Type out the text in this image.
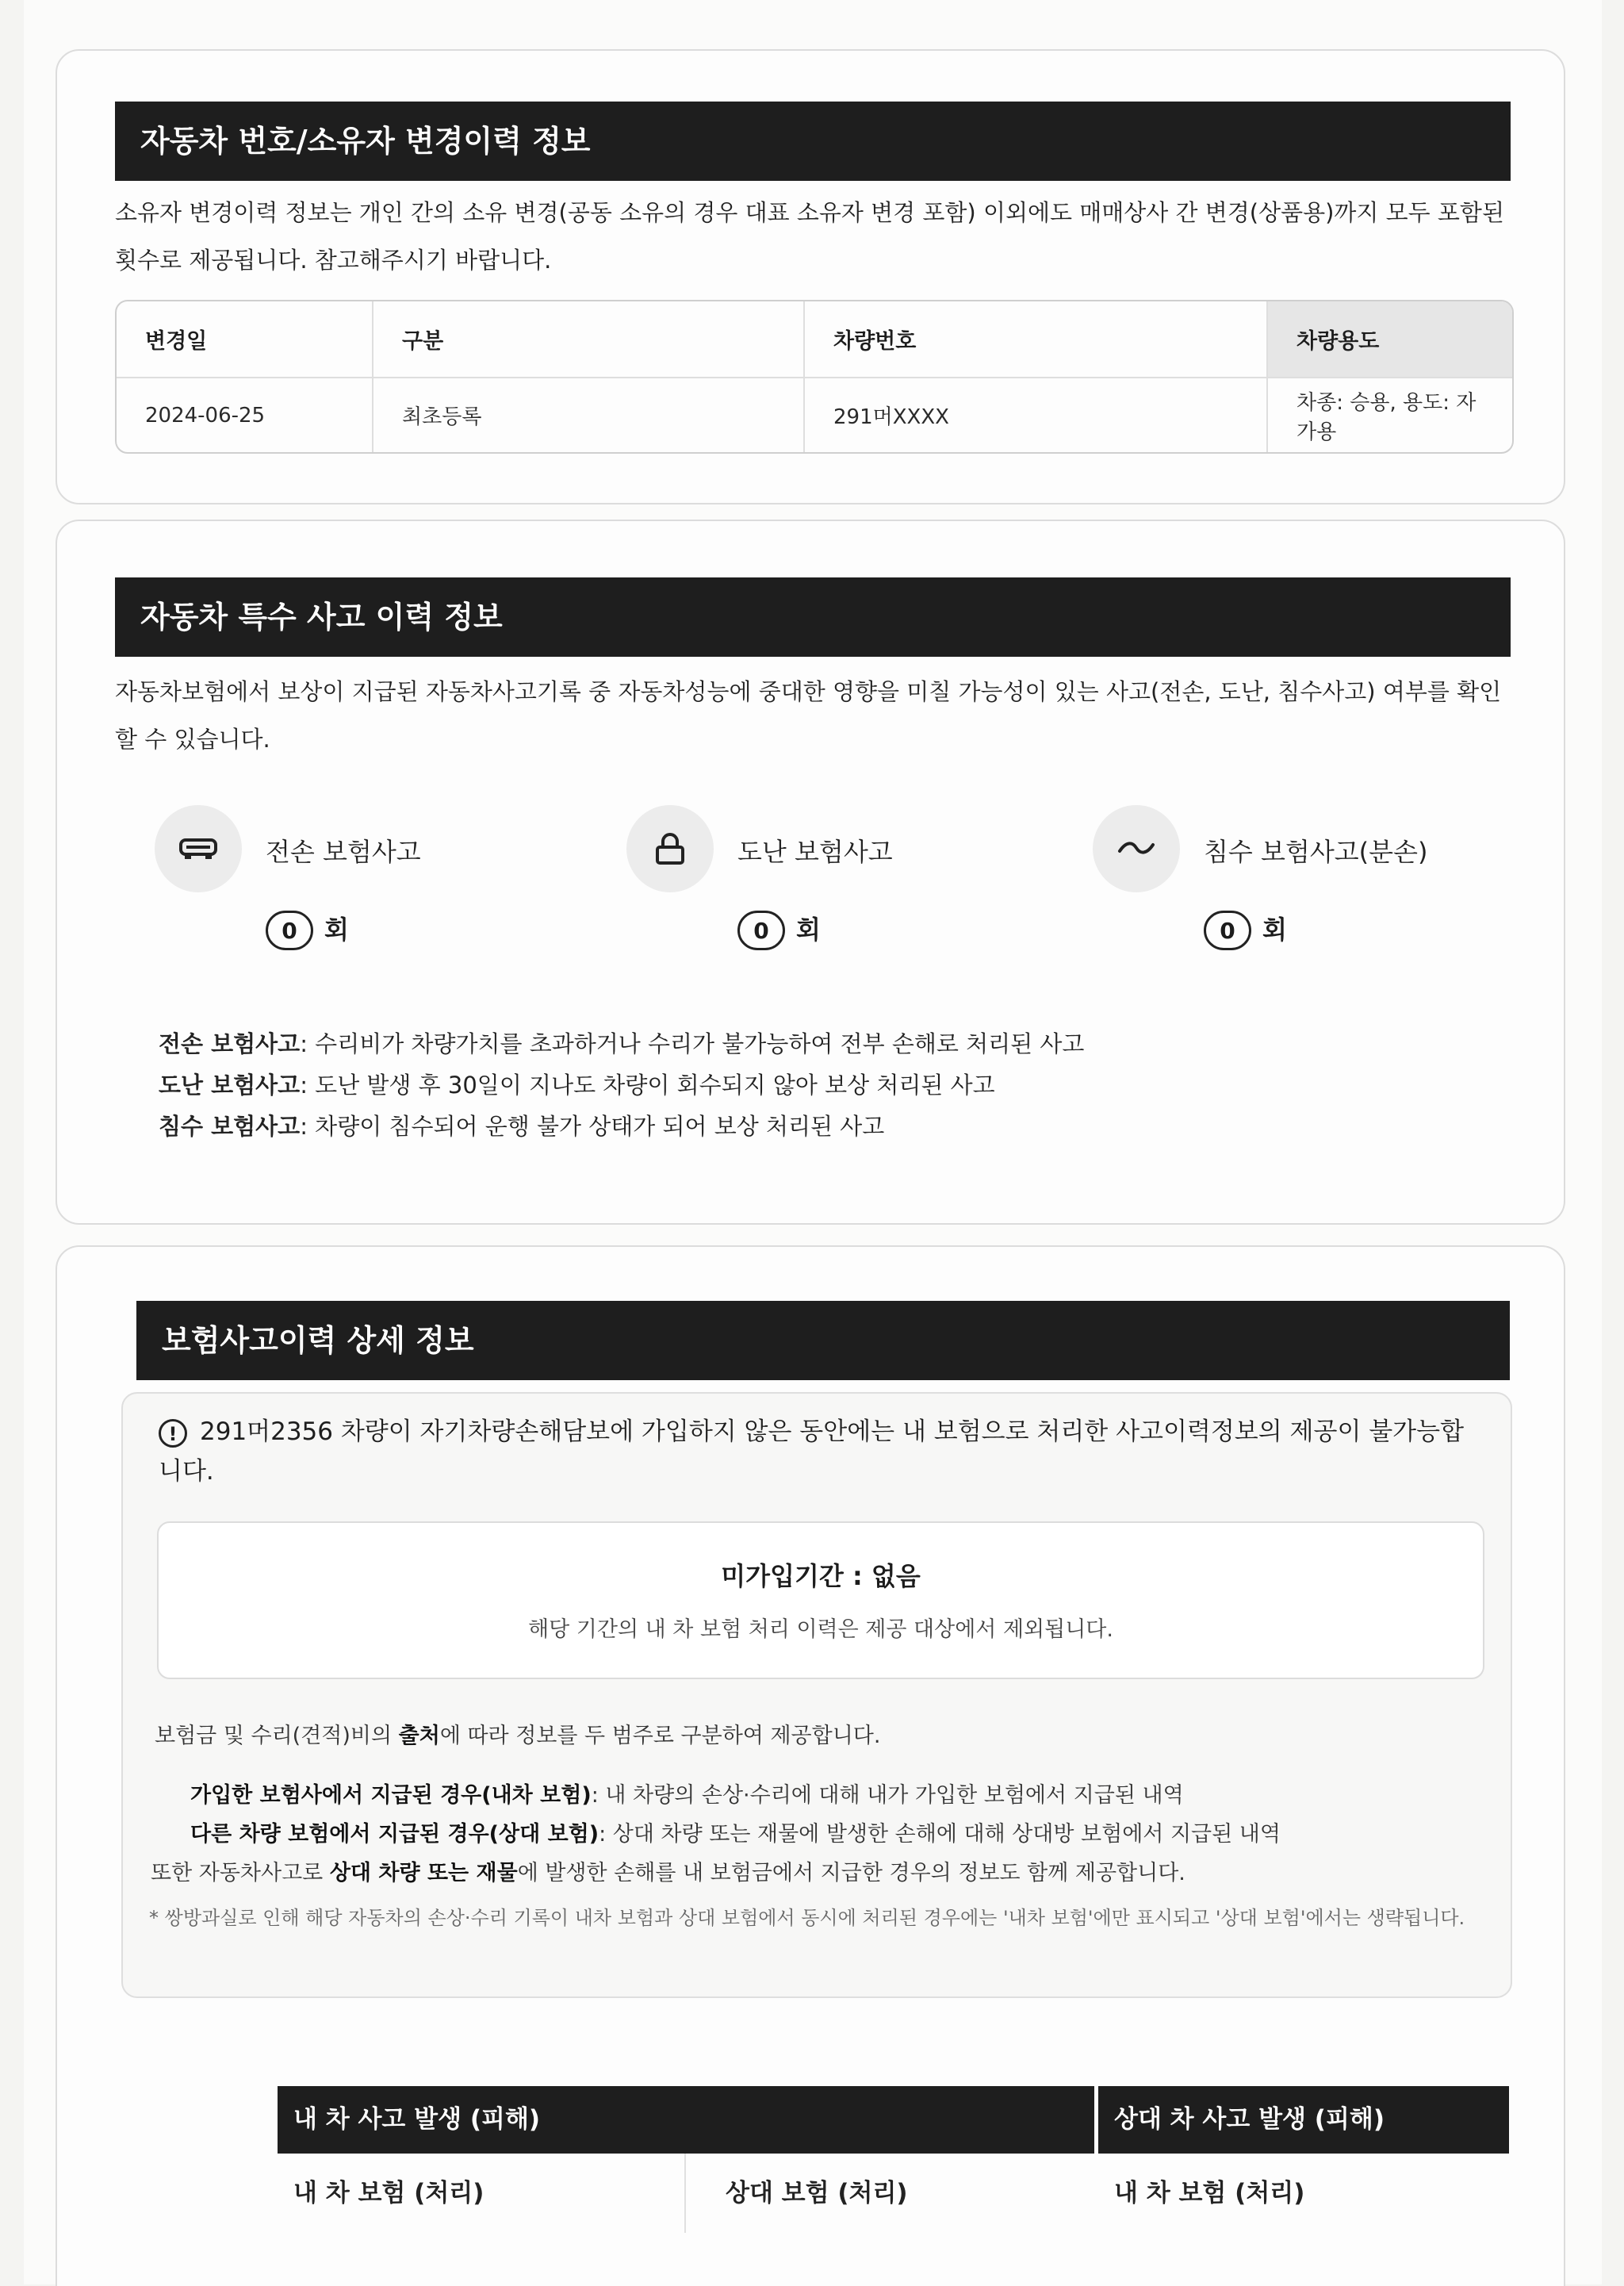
자동차 번호/소유자 변경이력 정보
소유자 변경이력 정보는 개인 간의 소유 변경(공동 소유의 경우 대표 소유자 변경 포함) 이외에도 매매상사 간 변경(상품용)까지 모두 포함된 횟수로 제공됩니다. 참고해주시기 바랍니다.
변경일	구분	차량번호	차량용도
2024-06-25	최초등록	291머XXXX	차종: 승용, 용도: 자가용
자동차 특수 사고 이력 정보
자동차보험에서 보상이 지급된 자동차사고기록 중 자동차성능에 중대한 영향을 미칠 가능성이 있는 사고(전손, 도난, 침수사고) 여부를 확인할 수 있습니다.
전손 보험사고
0 회
도난 보험사고
0 회
침수 보험사고(분손)
0 회
전손 보험사고: 수리비가 차량가치를 초과하거나 수리가 불가능하여 전부 손해로 처리된 사고
도난 보험사고: 도난 발생 후 30일이 지나도 차량이 회수되지 않아 보상 처리된 사고
침수 보험사고: 차량이 침수되어 운행 불가 상태가 되어 보상 처리된 사고
보험사고이력 상세 정보
! 291머2356 차량이 자기차량손해담보에 가입하지 않은 동안에는 내 보험으로 처리한 사고이력정보의 제공이 불가능합니다.
미가입기간 : 없음
해당 기간의 내 차 보험 처리 이력은 제공 대상에서 제외됩니다.
보험금 및 수리(견적)비의 출처에 따라 정보를 두 범주로 구분하여 제공합니다.
가입한 보험사에서 지급된 경우(내차 보험): 내 차량의 손상·수리에 대해 내가 가입한 보험에서 지급된 내역
다른 차량 보험에서 지급된 경우(상대 보험): 상대 차량 또는 재물에 발생한 손해에 대해 상대방 보험에서 지급된 내역
또한 자동차사고로 상대 차량 또는 재물에 발생한 손해를 내 보험금에서 지급한 경우의 정보도 함께 제공합니다.
* 쌍방과실로 인해 해당 자동차의 손상·수리 기록이 내차 보험과 상대 보험에서 동시에 처리된 경우에는 '내차 보험'에만 표시되고 '상대 보험'에서는 생략됩니다.
내 차 사고 발생 (피해)	상대 차 사고 발생 (피해)
내 차 보험 (처리)	상대 보험 (처리)	내 차 보험 (처리)
